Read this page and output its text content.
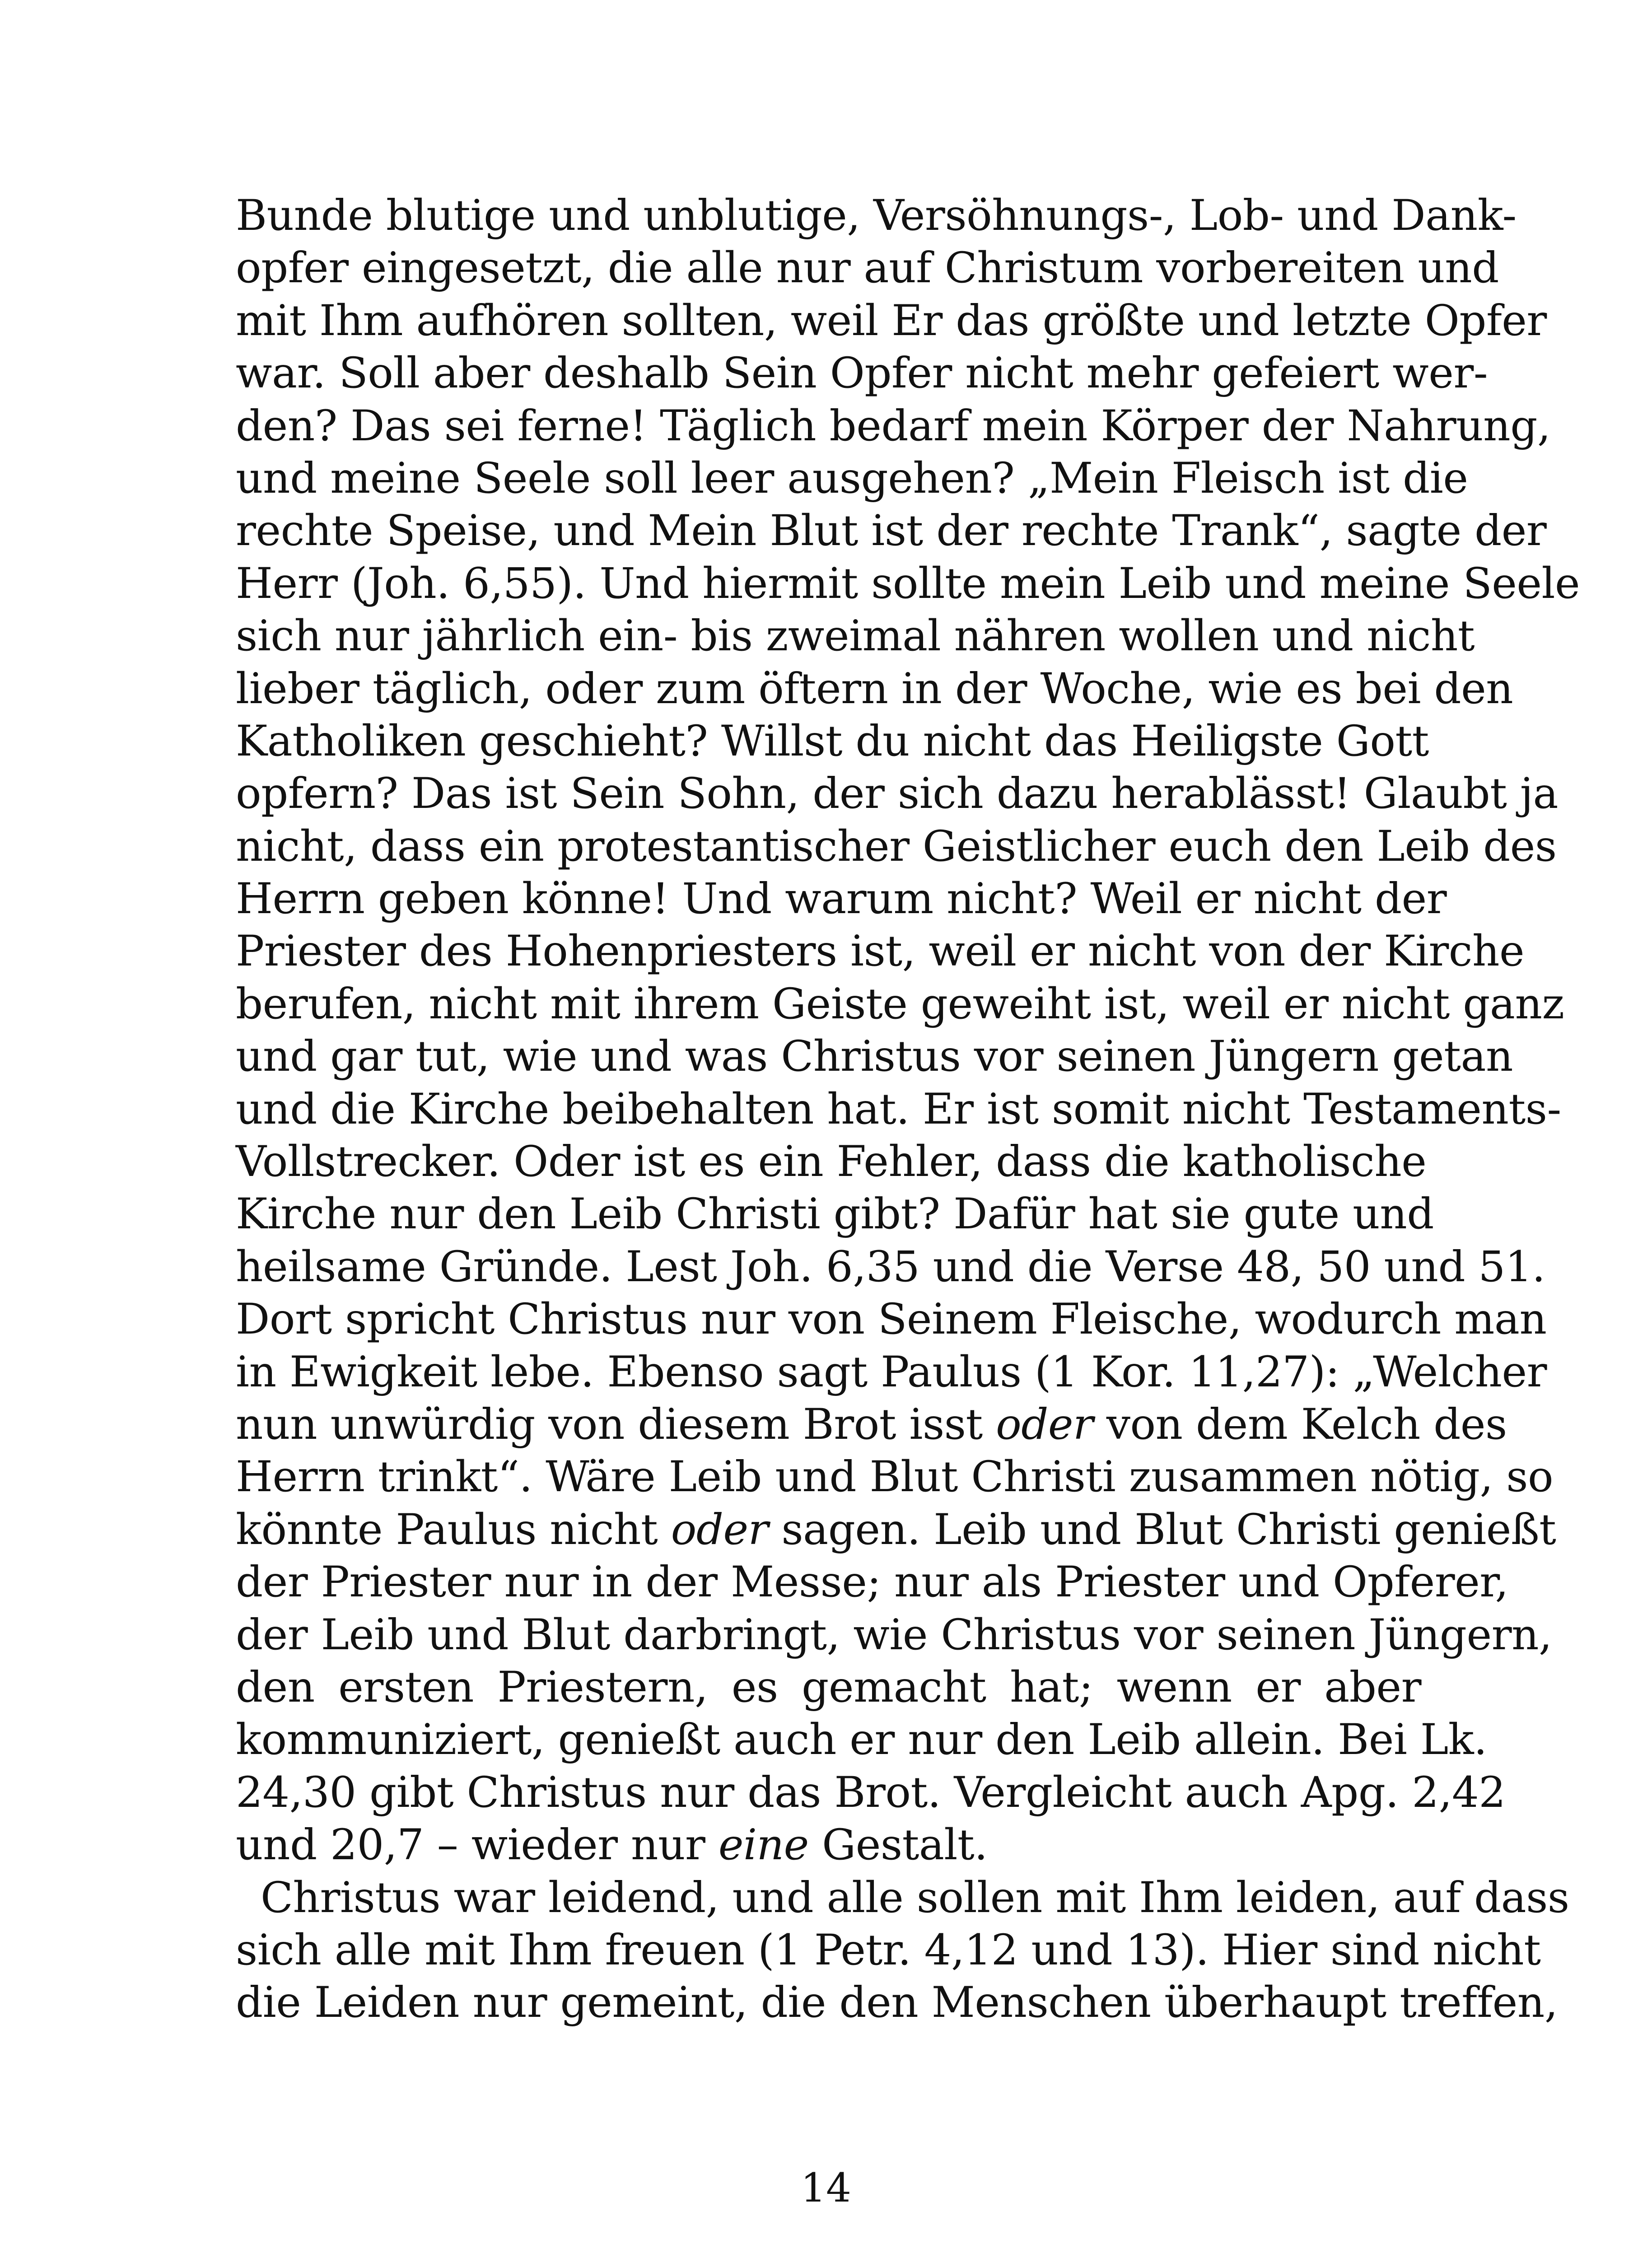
Bunde blutige und unblutige, Versöhnungs-, Lob- und Dank-
opfer eingesetzt, die alle nur auf Christum vorbereiten und
mit Ihm aufhören sollten, weil Er das größte und letzte Opfer
war. Soll aber deshalb Sein Opfer nicht mehr gefeiert wer-
den? Das sei ferne! Täglich bedarf mein Körper der Nahrung,
und meine Seele soll leer ausgehen? „Mein Fleisch ist die
rechte Speise, und Mein Blut ist der rechte Trank“, sagte der
Herr (Joh. 6,55). Und hiermit sollte mein Leib und meine Seele
sich nur jährlich ein- bis zweimal nähren wollen und nicht
lieber täglich, oder zum öftern in der Woche, wie es bei den
Katholiken geschieht? Willst du nicht das Heiligste Gott
opfern? Das ist Sein Sohn, der sich dazu herablässt! Glaubt ja
nicht, dass ein protestantischer Geistlicher euch den Leib des
Herrn geben könne! Und warum nicht? Weil er nicht der
Priester des Hohenpriesters ist, weil er nicht von der Kirche
berufen, nicht mit ihrem Geiste geweiht ist, weil er nicht ganz
und gar tut, wie und was Christus vor seinen Jüngern getan
und die Kirche beibehalten hat. Er ist somit nicht Testaments-
Vollstrecker. Oder ist es ein Fehler, dass die katholische
Kirche nur den Leib Christi gibt? Dafür hat sie gute und
heilsame Gründe. Lest Joh. 6,35 und die Verse 48, 50 und 51.
Dort spricht Christus nur von Seinem Fleische, wodurch man
in Ewigkeit lebe. Ebenso sagt Paulus (1 Kor. 11,27): „Welcher
nun unwürdig von diesem Brot isst oder von dem Kelch des
Herrn trinkt“. Wäre Leib und Blut Christi zusammen nötig, so
könnte Paulus nicht oder sagen. Leib und Blut Christi genießt
der Priester nur in der Messe; nur als Priester und Opferer,
der Leib und Blut darbringt, wie Christus vor seinen Jüngern,
den ersten Priestern, es gemacht hat; wenn er aber
kommuniziert, genießt auch er nur den Leib allein. Bei Lk.
24,30 gibt Christus nur das Brot. Vergleicht auch Apg. 2,42
und 20,7 – wieder nur eine Gestalt.
Christus war leidend, und alle sollen mit Ihm leiden, auf dass
sich alle mit Ihm freuen (1 Petr. 4,12 und 13). Hier sind nicht
die Leiden nur gemeint, die den Menschen überhaupt treffen,
14
